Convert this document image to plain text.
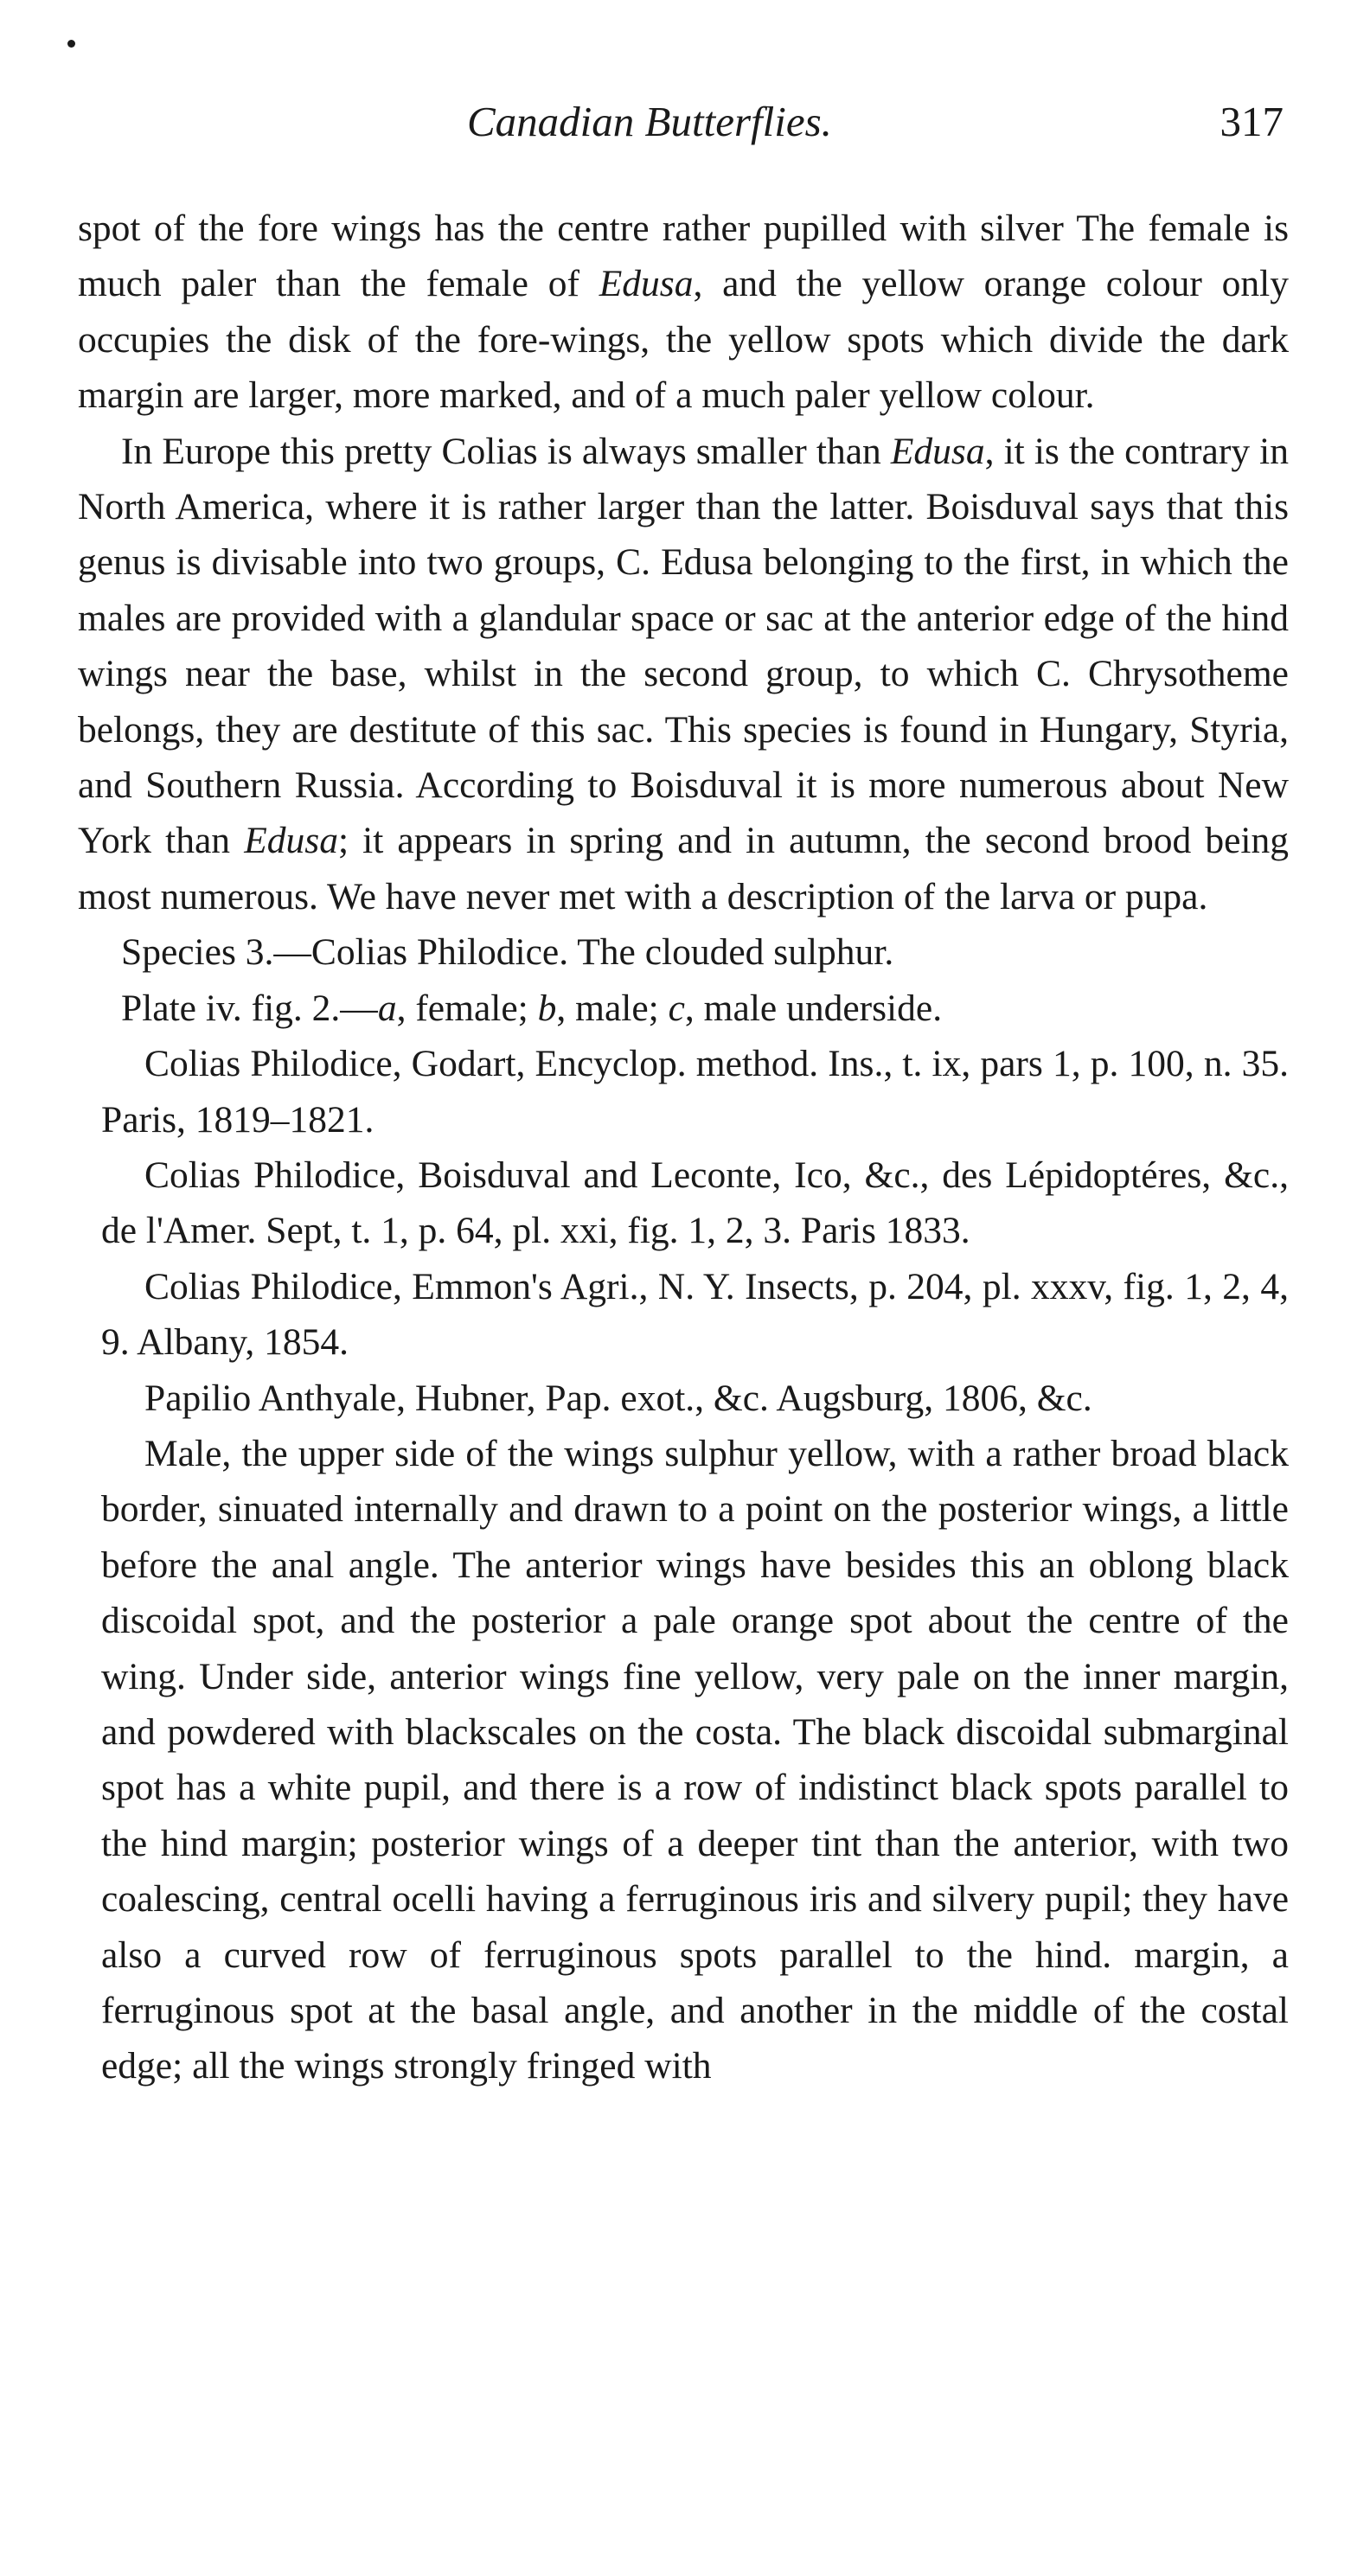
Canadian Butterflies.	317

spot of the fore wings has the centre rather pupilled with silver The female is much paler than the female of Edusa, and the yellow orange colour only occupies the disk of the fore-wings, the yellow spots which divide the dark margin are larger, more marked, and of a much paler yellow colour.

In Europe this pretty Colias is always smaller than Edusa, it is the contrary in North America, where it is rather larger than the latter. Boisduval says that this genus is divisable into two groups, C. Edusa belonging to the first, in which the males are provided with a glandular space or sac at the anterior edge of the hind wings near the base, whilst in the second group, to which C. Chrysotheme belongs, they are destitute of this sac. This species is found in Hungary, Styria, and Southern Russia. According to Boisduval it is more numerous about New York than Edusa; it appears in spring and in autumn, the second brood being most numerous. We have never met with a description of the larva or pupa.

Species 3.—Colias Philodice. The clouded sulphur.

Plate iv. fig. 2.—a, female; b, male; c, male underside.

Colias Philodice, Godart, Encyclop. method. Ins., t. ix, pars 1, p. 100, n. 35. Paris, 1819–1821.

Colias Philodice, Boisduval and Leconte, Ico, &c., des Lépidoptéres, &c., de l'Amer. Sept, t. 1, p. 64, pl. xxi, fig. 1, 2, 3. Paris 1833.

Colias Philodice, Emmon's Agri., N. Y. Insects, p. 204, pl. xxxv, fig. 1, 2, 4, 9. Albany, 1854.

Papilio Anthyale, Hubner, Pap. exot., &c. Augsburg, 1806, &c.

Male, the upper side of the wings sulphur yellow, with a rather broad black border, sinuated internally and drawn to a point on the posterior wings, a little before the anal angle. The anterior wings have besides this an oblong black discoidal spot, and the posterior a pale orange spot about the centre of the wing. Under side, anterior wings fine yellow, very pale on the inner margin, and powdered with blackscales on the costa. The black discoidal submarginal spot has a white pupil, and there is a row of indistinct black spots parallel to the hind margin; posterior wings of a deeper tint than the anterior, with two coalescing, central ocelli having a ferruginous iris and silvery pupil; they have also a curved row of ferruginous spots parallel to the hind. margin, a ferruginous spot at the basal angle, and another in the middle of the costal edge; all the wings strongly fringed with
